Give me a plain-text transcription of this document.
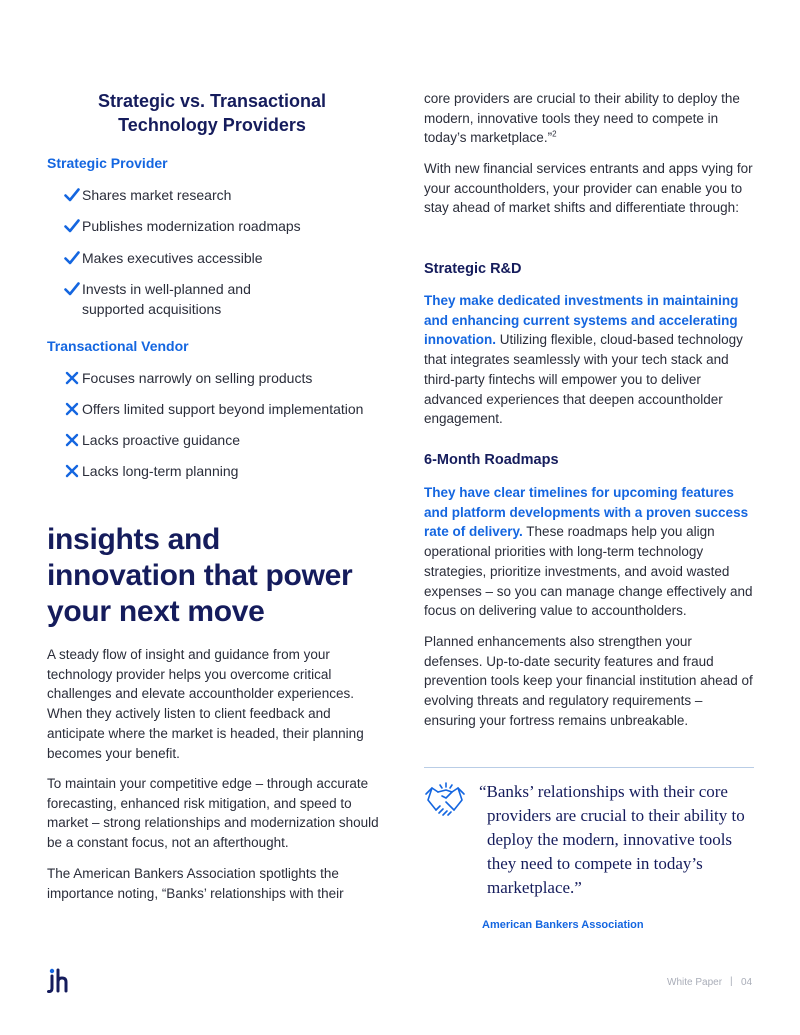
Strategic vs. Transactional
Technology Providers
Strategic Provider
Shares market research
Publishes modernization roadmaps
Makes executives accessible
Invests in well-planned and
supported acquisitions
Transactional Vendor
Focuses narrowly on selling products
Offers limited support beyond implementation
Lacks proactive guidance
Lacks long-term planning
insights and
innovation that power
your next move
A steady flow of insight and guidance from your technology provider helps you overcome critical challenges and elevate accountholder experiences. When they actively listen to client feedback and anticipate where the market is headed, their planning becomes your benefit.
To maintain your competitive edge – through accurate forecasting, enhanced risk mitigation, and speed to market – strong relationships and modernization should be a constant focus, not an afterthought.
The American Bankers Association spotlights the importance noting, “Banks’ relationships with their
core providers are crucial to their ability to deploy the modern, innovative tools they need to compete in today’s marketplace.”$^2$
With new financial services entrants and apps vying for your accountholders, your provider can enable you to stay ahead of market shifts and differentiate through:
Strategic R&D
They make dedicated investments in maintaining and enhancing current systems and accelerating innovation. Utilizing flexible, cloud-based technology that integrates seamlessly with your tech stack and third-party fintechs will empower you to deliver advanced experiences that deepen accountholder engagement.
6-Month Roadmaps
They have clear timelines for upcoming features and platform developments with a proven success rate of delivery. These roadmaps help you align operational priorities with long-term technology strategies, prioritize investments, and avoid wasted expenses – so you can manage change effectively and focus on delivering value to accountholders.
Planned enhancements also strengthen your defenses. Up-to-date security features and fraud prevention tools keep your financial institution ahead of evolving threats and regulatory requirements – ensuring your fortress remains unbreakable.
“Banks’ relationships with their core providers are crucial to their ability to deploy the modern, innovative tools they need to compete in today’s marketplace.”
American Bankers Association
White Paper | 04
